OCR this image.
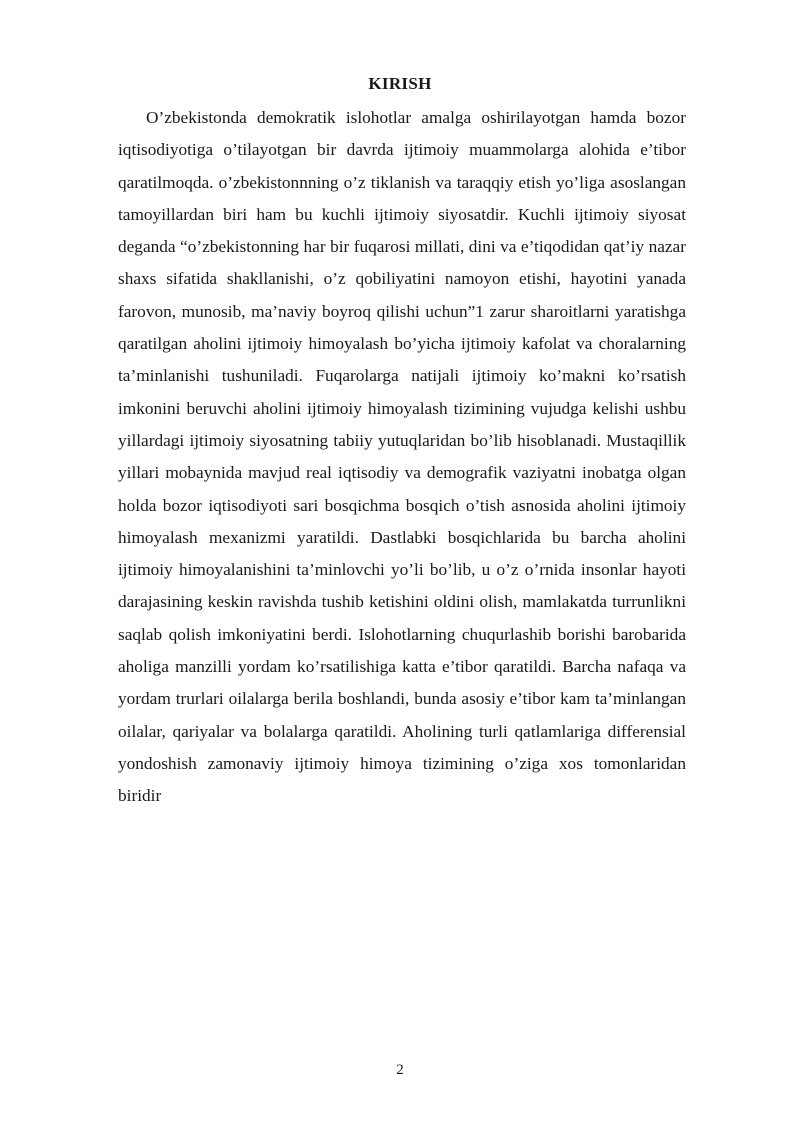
KIRISH

O’zbekistonda demokratik islohotlar amalga oshirilayotgan hamda bozor iqtisodiyotiga o’tilayotgan bir davrda ijtimoiy muammolarga alohida e’tibor qaratilmoqda. o’zbekistonnning o’z tiklanish va taraqqiy etish yo’liga asoslangan tamoyillardan biri ham bu kuchli ijtimoiy siyosatdir. Kuchli ijtimoiy siyosat deganda “o’zbekistonning har bir fuqarosi millati, dini va e’tiqodidan qat’iy nazar shaxs sifatida shakllanishi, o’z qobiliyatini namoyon etishi, hayotini yanada farovon, munosib, ma’naviy boyroq qilishi uchun”1 zarur sharoitlarni yaratishga qaratilgan aholini ijtimoiy himoyalash bo’yicha ijtimoiy kafolat va choralarning ta’minlanishi tushuniladi. Fuqarolarga natijali ijtimoiy ko’makni ko’rsatish imkonini beruvchi aholini ijtimoiy himoyalash tizimining vujudga kelishi ushbu yillardagi ijtimoiy siyosatning tabiiy yutuqlaridan bo’lib hisoblanadi. Mustaqillik yillari mobaynida mavjud real iqtisodiy va demografik vaziyatni inobatga olgan holda bozor iqtisodiyoti sari bosqichma bosqich o’tish asnosida aholini ijtimoiy himoyalash mexanizmi yaratildi. Dastlabki bosqichlarida bu barcha aholini ijtimoiy himoyalanishini ta’minlovchi yo’li bo’lib, u o’z o’rnida insonlar hayoti darajasining keskin ravishda tushib ketishini oldini olish, mamlakatda turrunlikni saqlab qolish imkoniyatini berdi. Islohotlarning chuqurlashib borishi barobarida aholiga manzilli yordam ko’rsatilishiga katta e’tibor qaratildi. Barcha nafaqa va yordam trurlari oilalarga berila boshlandi, bunda asosiy e’tibor kam ta’minlangan oilalar, qariyalar va bolalarga qaratildi. Aholining turli qatlamlariga differensial yondoshish zamonaviy ijtimoiy himoya tizimining o’ziga xos tomonlaridan biridir

2
